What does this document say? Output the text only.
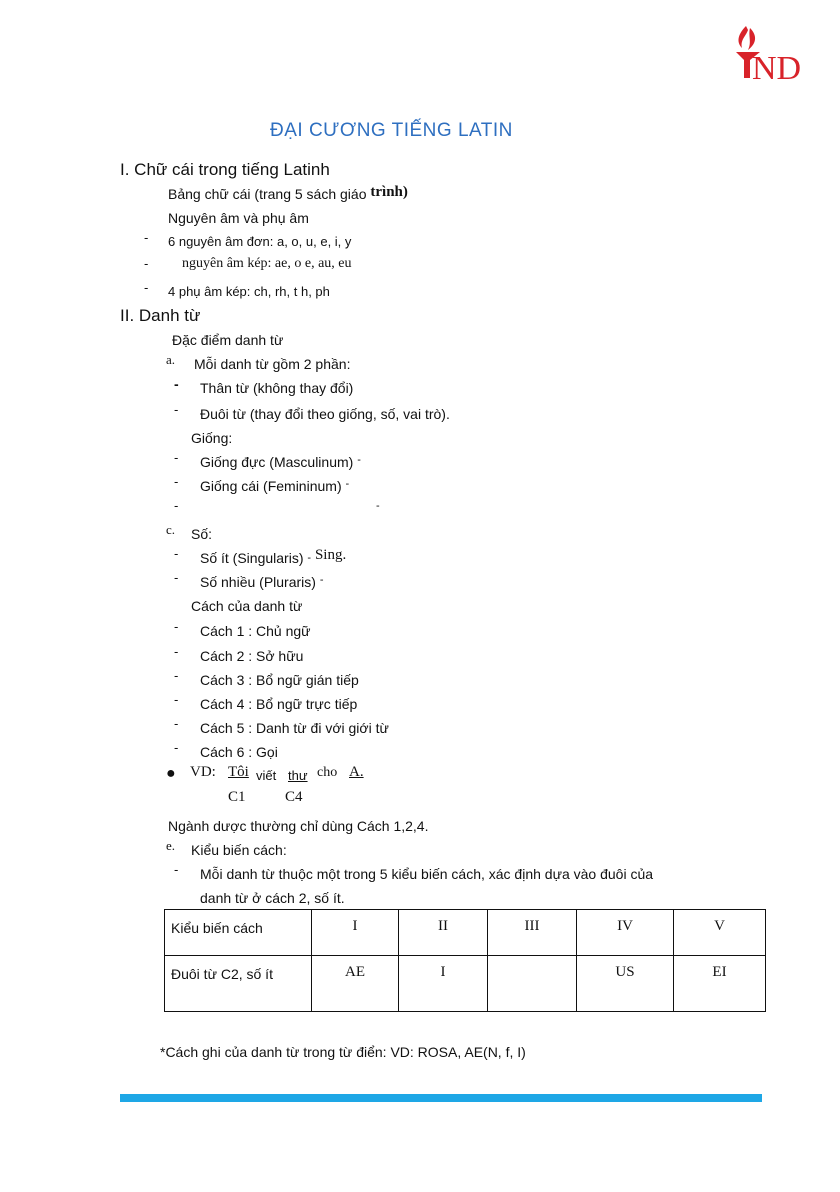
ND
ĐẠI CƯƠNG TIẾNG LATIN
I. Chữ cái trong tiếng Latinh
Bảng chữ cái (trang 5 sách giáo trình)
Nguyên âm và phụ âm
- 6 nguyên âm đơn: a, o, u, e, i, y
- nguyên âm kép: ae, o e, au, eu
- 4 phụ âm kép: ch, rh, t h, ph
II. Danh từ
Đặc điểm danh từ
a. Mỗi danh từ gồm 2 phần:
- Thân từ (không thay đổi)
- Đuôi từ (thay đổi theo giống, số, vai trò).
Giống:
- Giống đực (Masculinum) -
- Giống cái (Femininum) -
-	-
c. Số:
- Số ít (Singularis) - Sing.
- Số nhiều (Pluraris) -
Cách của danh từ
- Cách 1 : Chủ ngữ
- Cách 2 : Sở hữu
- Cách 3 : Bổ ngữ gián tiếp
- Cách 4 : Bổ ngữ trực tiếp
- Cách 5 : Danh từ đi với giới từ
- Cách 6 : Gọi
● VD: Tôi viết thư cho A.
C1	C4
Ngành dược thường chỉ dùng Cách 1,2,4.
e. Kiểu biến cách:
- Mỗi danh từ thuộc một trong 5 kiểu biến cách, xác định dựa vào đuôi của
danh từ ở cách 2, số ít.
Kiểu biến cách	I	II	III	IV	V
Đuôi từ C2, số ít	AE	I		US	EI
*Cách ghi của danh từ trong từ điển: VD: ROSA, AE(N, f, I)
